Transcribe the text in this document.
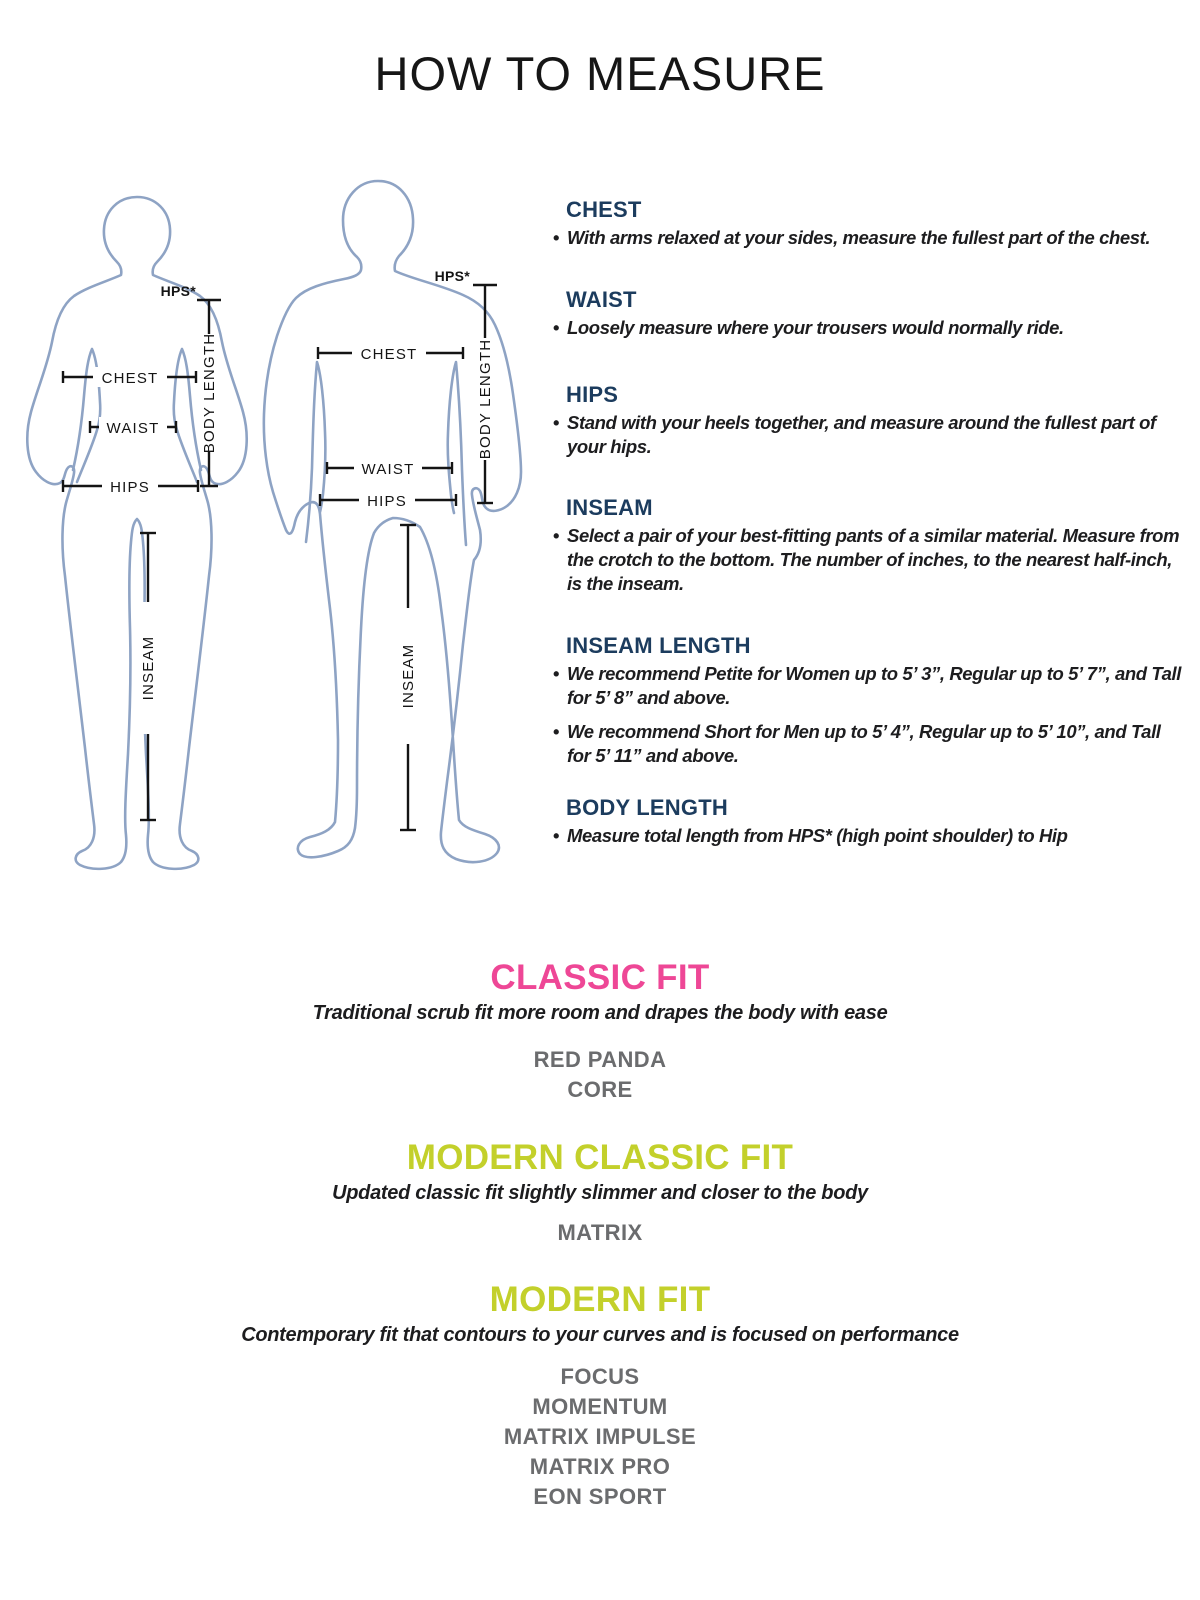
HOW TO MEASURE
CHEST
WAIST
HIPS
BODY LENGTH
HPS*
INSEAM
CHEST
WAIST
HIPS
BODY LENGTH
HPS*
INSEAM
CHEST

• With arms relaxed at your sides, measure the fullest part of the chest.

WAIST

• Loosely measure where your trousers would normally ride.

HIPS

• Stand with your heels together, and measure around the fullest part of your hips.

INSEAM

• Select a pair of your best-fitting pants of a similar material. Measure from the crotch to the bottom. The number of inches, to the nearest half-inch, is the inseam.

INSEAM LENGTH

• We recommend Petite for Women up to 5’ 3”, Regular up to 5’ 7”, and Tall for 5’ 8” and above.

• We recommend Short for Men up to 5’ 4”, Regular up to 5’ 10”, and Tall for 5’ 11” and above.

BODY LENGTH

• Measure total length from HPS* (high point shoulder) to Hip

CLASSIC FIT

Traditional scrub fit more room and drapes the body with ease

RED PANDA
CORE
MODERN CLASSIC FIT

Updated classic fit slightly slimmer and closer to the body

MATRIX
MODERN FIT

Contemporary fit that contours to your curves and is focused on performance

FOCUS
MOMENTUM
MATRIX IMPULSE
MATRIX PRO
EON SPORT
